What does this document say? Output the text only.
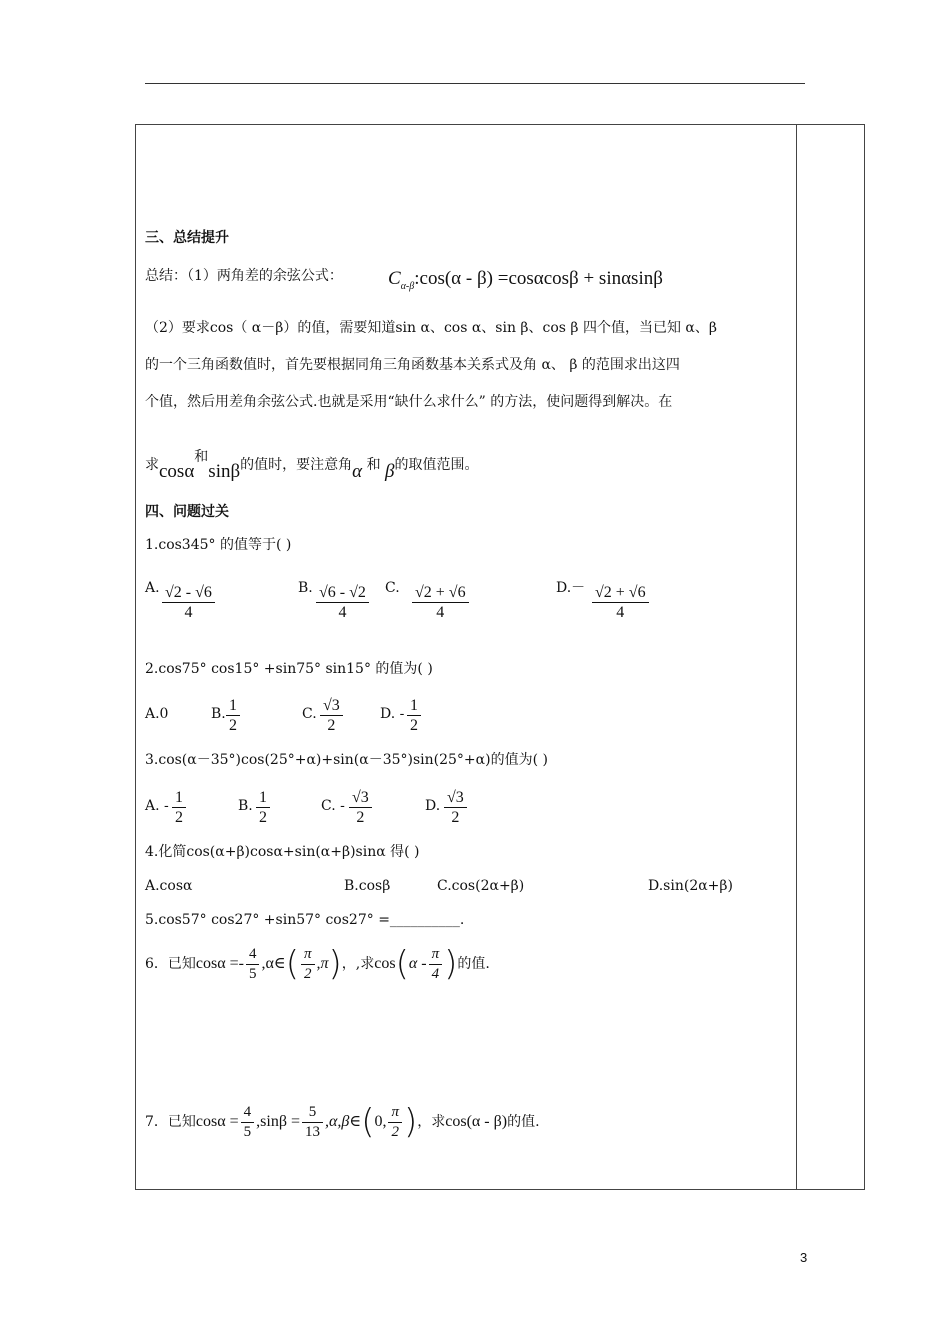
三、总结提升
总结：（1）两角差的余弦公式： $C_{\alpha-\beta}:\cos(\alpha - \beta) =\cos\alpha\cos\beta + \sin\alpha\sin\beta$
（2）要求cos（ α－β）的值，需要知道sin α、cos α、sin β、cos β 四个值，当已知 α、β
的一个三角函数值时，首先要根据同角三角函数基本关系式及角 α、 β 的范围求出这四
个值，然后用差角余弦公式.也就是采用“缺什么求什么” 的方法，使问题得到解决。在
求cosα和sinβ的值时，要注意角α 和 β的取值范围。
四、问题过关
1.cos345° 的值等于( )
A. $\frac{√2 - √6}{4}$	B. $\frac{√6 - √2}{4} C$. $\frac{√2 + √6}{4}$	$D.- \frac{√2 + √6}{4}$
2.cos75° cos15° +sin75° sin15° 的值为( )
A.0	B. $\frac{1}{2}$	C. $\frac{√3}{2}$	D. - $\frac{1}{2}$
3.cos(α－35°)cos(25°+α)+sin(α－35°)sin(25°+α)的值为( )
A. - $\frac{1}{2}$	B. $\frac{1}{2}$	C. - $\frac{√3}{2}$	D. $\frac{√3}{2}$
4.化简cos(α+β)cosα+sin(α+β)sinα 得( )
A.cosα	B.cosβ	C.cos(2α+β)	D.sin(2α+β)
5.cos57° cos27° +sin57° cos27° =__________.
6．已知$\cos\alpha =- \frac{4}{5}$ ,α∈( $\frac{\pi}{2} ,\pi$)，,求$\cos(\alpha - \frac{\pi}{4}$ )的值.
7．已知$\cos\alpha = \frac{4}{5} ,\sin\beta = \frac{5}{13}$ ,α,β∈(0, $\frac{\pi}{2}$ )，求cos(α - β)的值.
3
